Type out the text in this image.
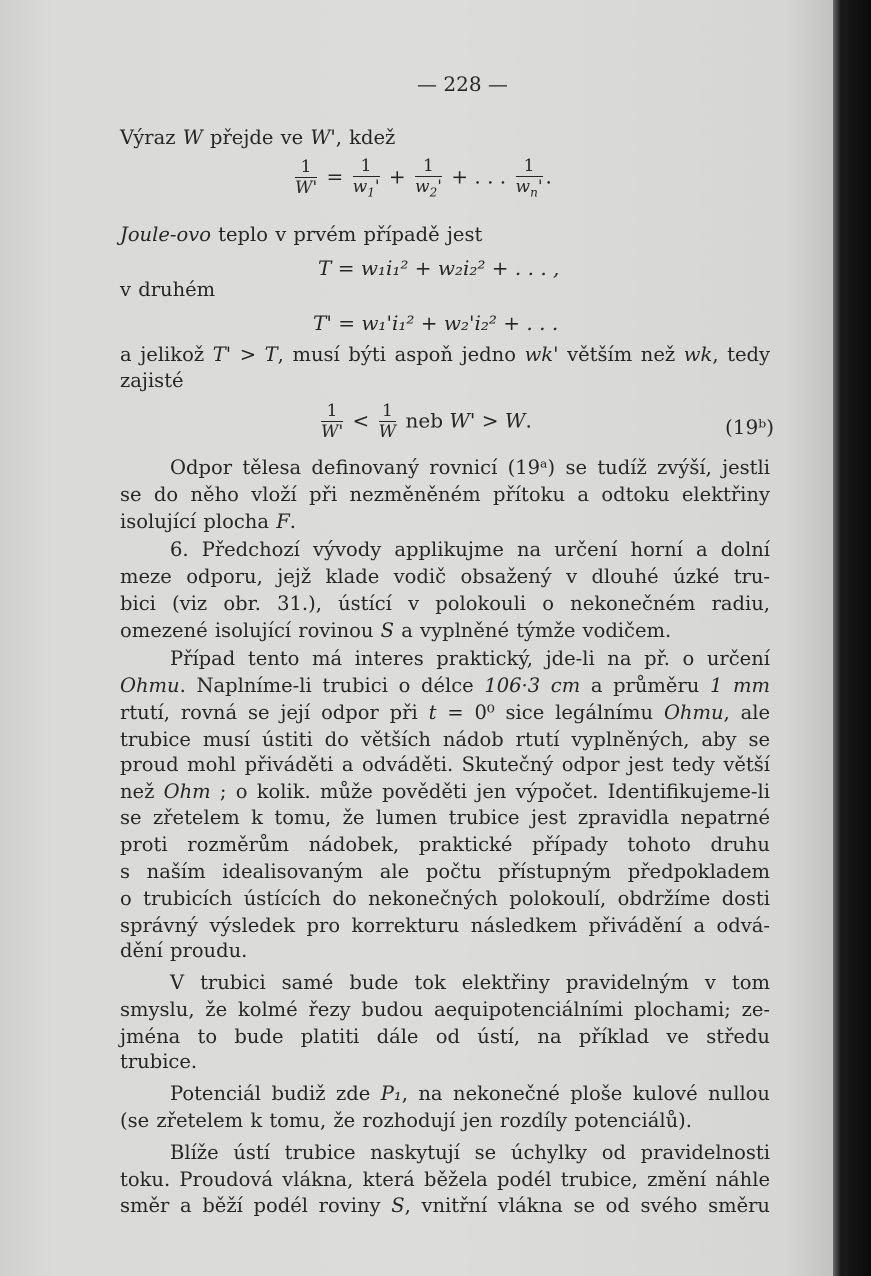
— 228 —
Výraz W přejde ve W', kdež
Joule-ovo teplo v prvém případě jest
v druhém
a jelikož T' > T, musí býti aspoň jedno wk' větším než wk, tedy
zajisté
Odpor tělesa definovaný rovnicí (19ᵃ) se tudíž zvýší, jestli
se do něho vloží při nezměněném přítoku a odtoku elektřiny
isolující plocha F.
6. Předchozí vývody applikujme na určení horní a dolní
meze odporu, jejž klade vodič obsažený v dlouhé úzké tru-
bici (viz obr. 31.), ústící v polokouli o nekonečném radiu,
omezené isolující rovinou S a vyplněné týmže vodičem.
Případ tento má interes praktický, jde-li na př. o určení
Ohmu. Naplníme-li trubici o délce 106·3 cm a průměru 1 mm
rtutí, rovná se její odpor při t = 0⁰ sice legálnímu Ohmu, ale
trubice musí ústiti do větších nádob rtutí vyplněných, aby se
proud mohl přiváděti a odváděti. Skutečný odpor jest tedy větší
než Ohm ; o kolik. může pověděti jen výpočet. Identifikujeme-li
se zřetelem k tomu, že lumen trubice jest zpravidla nepatrné
proti rozměrům nádobek, praktické případy tohoto druhu
s naším idealisovaným ale počtu přístupným předpokladem
o trubicích ústících do nekonečných polokoulí, obdržíme dosti
správný výsledek pro korrekturu následkem přivádění a odvá-
dění proudu.
V trubici samé bude tok elektřiny pravidelným v tom
smyslu, že kolmé řezy budou aequipotenciálními plochami; ze-
jména to bude platiti dále od ústí, na příklad ve středu
trubice.
Potenciál budiž zde P₁, na nekonečné ploše kulové nullou
(se zřetelem k tomu, že rozhodují jen rozdíly potenciálů).
Blíže ústí trubice naskytují se úchylky od pravidelnosti
toku. Proudová vlákna, která běžela podél trubice, změní náhle
směr a běží podél roviny S, vnitřní vlákna se od svého směru
$\frac{1}{W'} = \frac{1}{w_1'} + \frac{1}{w_2'}$ + . . . $\frac{1}{w_n'}$ .
T = w₁i₁² + w₂i₂² + . . . ,
T' = w₁'i₁² + w₂'i₂² + . . .
$\frac{1}{W'} < \frac{1}{W}$ neb W' > W.	(19ᵇ)
